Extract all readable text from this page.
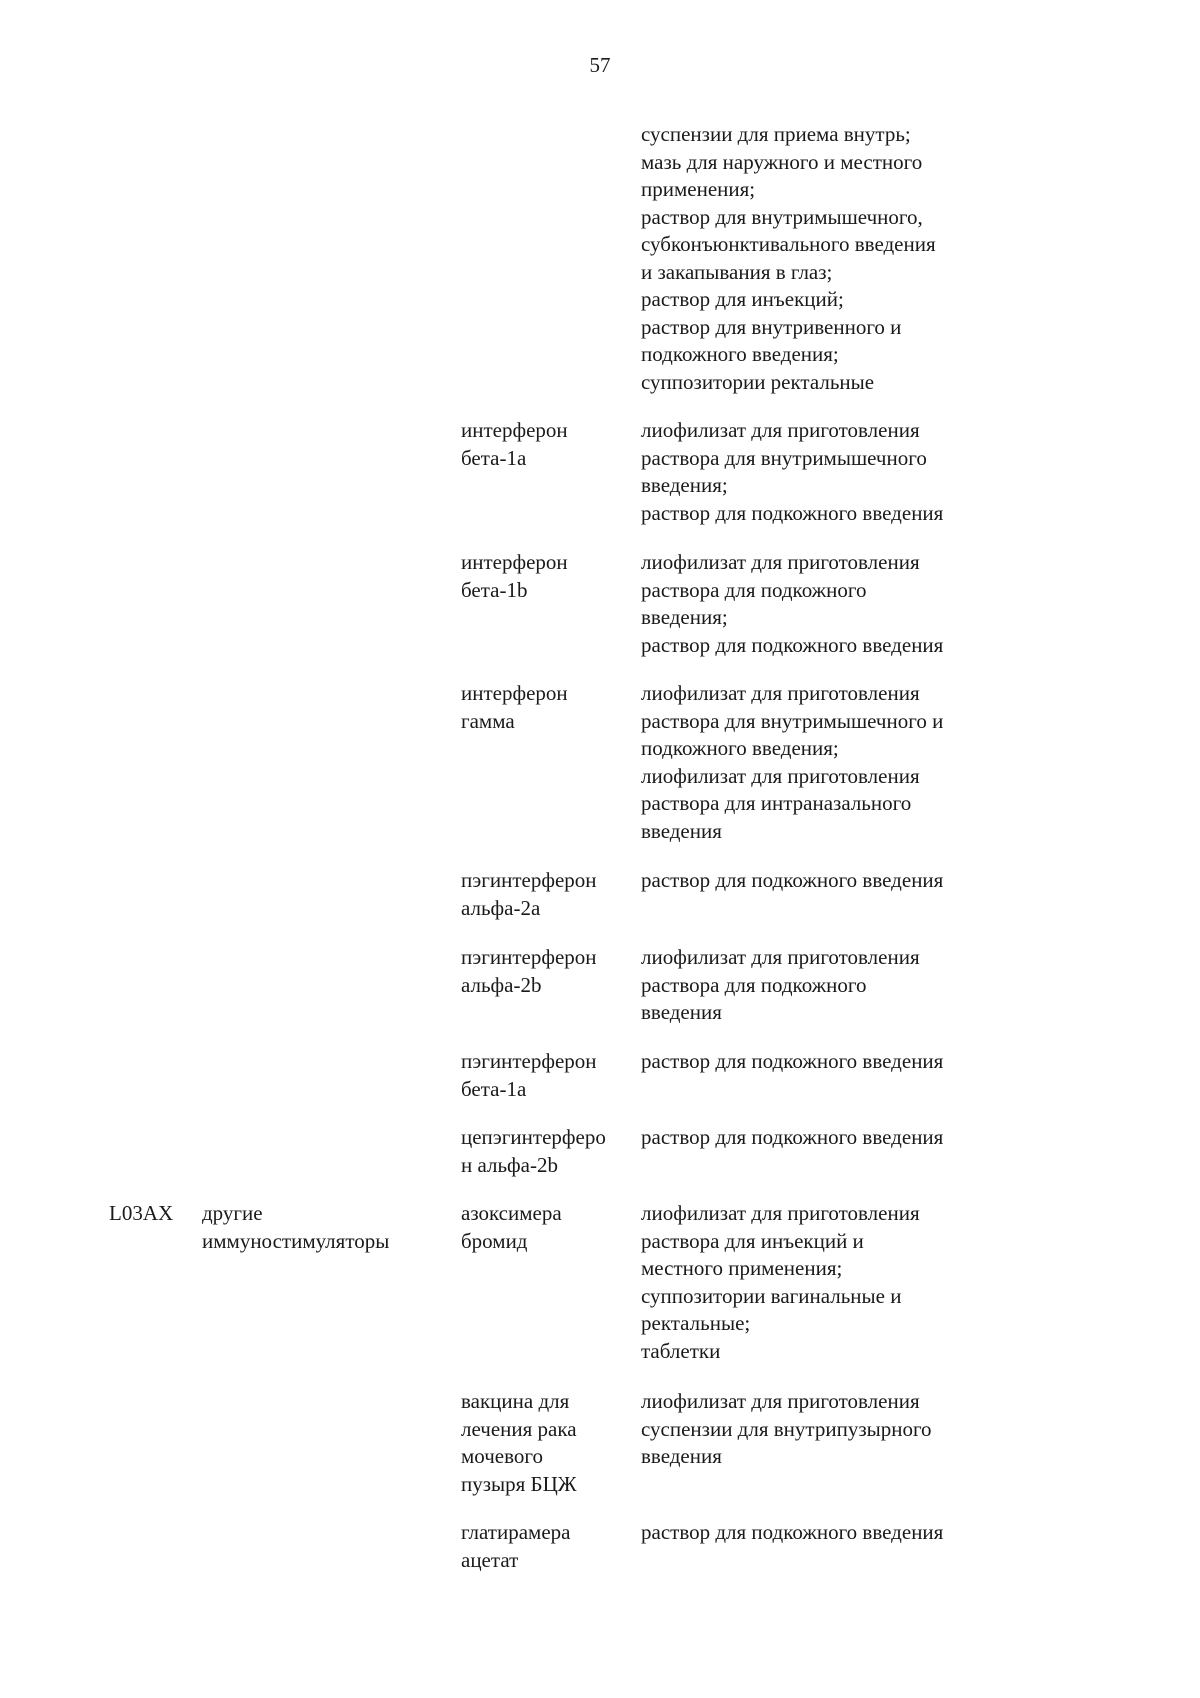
57
суспензии для приема внутрь;
мазь для наружного и местного
применения;
раствор для внутримышечного,
субконъюнктивального введения
и закапывания в глаз;
раствор для инъекций;
раствор для внутривенного и
подкожного введения;
суппозитории ректальные
интерферон
бета-1a
лиофилизат для приготовления
раствора для внутримышечного
введения;
раствор для подкожного введения
интерферон
бета-1b
лиофилизат для приготовления
раствора для подкожного
введения;
раствор для подкожного введения
интерферон
гамма
лиофилизат для приготовления
раствора для внутримышечного и
подкожного введения;
лиофилизат для приготовления
раствора для интраназального
введения
пэгинтерферон
альфа-2a
раствор для подкожного введения
пэгинтерферон
альфа-2b
лиофилизат для приготовления
раствора для подкожного
введения
пэгинтерферон
бета-1a
раствор для подкожного введения
цепэгинтерферо
н альфа-2b
раствор для подкожного введения
L03AX	другие
иммуностимуляторы
азоксимера
бромид
лиофилизат для приготовления
раствора для инъекций и
местного применения;
суппозитории вагинальные и
ректальные;
таблетки
вакцина для
лечения рака
мочевого
пузыря БЦЖ
лиофилизат для приготовления
суспензии для внутрипузырного
введения
глатирамера
ацетат
раствор для подкожного введения
